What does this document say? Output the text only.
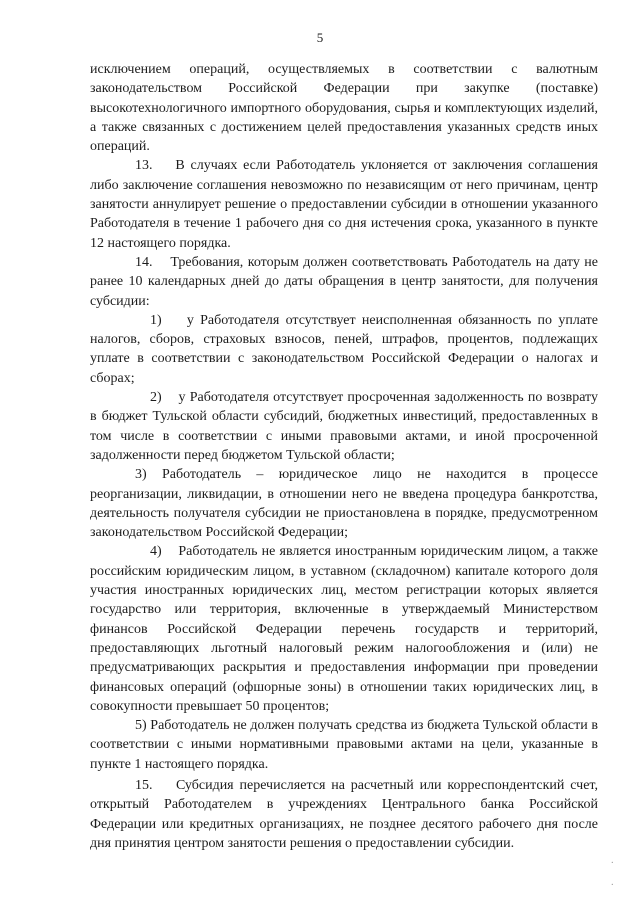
5

исключением операций, осуществляемых в соответствии с валютным законодательством Российской Федерации при закупке (поставке) высокотехнологичного импортного оборудования, сырья и комплектующих изделий, а также связанных с достижением целей предоставления указанных средств иных операций.

13.    В случаях если Работодатель уклоняется от заключения соглашения либо заключение соглашения невозможно по независящим от него причинам, центр занятости аннулирует решение о предоставлении субсидии в отношении указанного Работодателя в течение 1 рабочего дня со дня истечения срока, указанного в пункте 12 настоящего порядка.

14.    Требования, которым должен соответствовать Работодатель на дату не ранее 10 календарных дней до даты обращения в центр занятости, для получения субсидии:

1)    у Работодателя отсутствует неисполненная обязанность по уплате налогов, сборов, страховых взносов, пеней, штрафов, процентов, подлежащих уплате в соответствии с законодательством Российской Федерации о налогах и сборах;

2)    у Работодателя отсутствует просроченная задолженность по возврату в бюджет Тульской области субсидий, бюджетных инвестиций, предоставленных в том числе в соответствии с иными правовыми актами, и иной просроченной задолженности перед бюджетом Тульской области;

3) Работодатель – юридическое лицо не находится в процессе реорганизации, ликвидации, в отношении него не введена процедура банкротства, деятельность получателя субсидии не приостановлена в порядке, предусмотренном законодательством Российской Федерации;

4)    Работодатель не является иностранным юридическим лицом, а также российским юридическим лицом, в уставном (складочном) капитале которого доля участия иностранных юридических лиц, местом регистрации которых является государство или территория, включенные в утверждаемый Министерством финансов Российской Федерации перечень государств и территорий, предоставляющих льготный налоговый режим налогообложения и (или) не предусматривающих раскрытия и предоставления информации при проведении финансовых операций (офшорные зоны) в отношении таких юридических лиц, в совокупности превышает 50 процентов;

5) Работодатель не должен получать средства из бюджета Тульской области в соответствии с иными нормативными правовыми актами на цели, указанные в пункте 1 настоящего порядка.

15.    Субсидия перечисляется на расчетный или корреспондентский счет, открытый Работодателем в учреждениях Центрального банка Российской Федерации или кредитных организациях, не позднее десятого рабочего дня после дня принятия центром занятости решения о предоставлении субсидии.

·
·
